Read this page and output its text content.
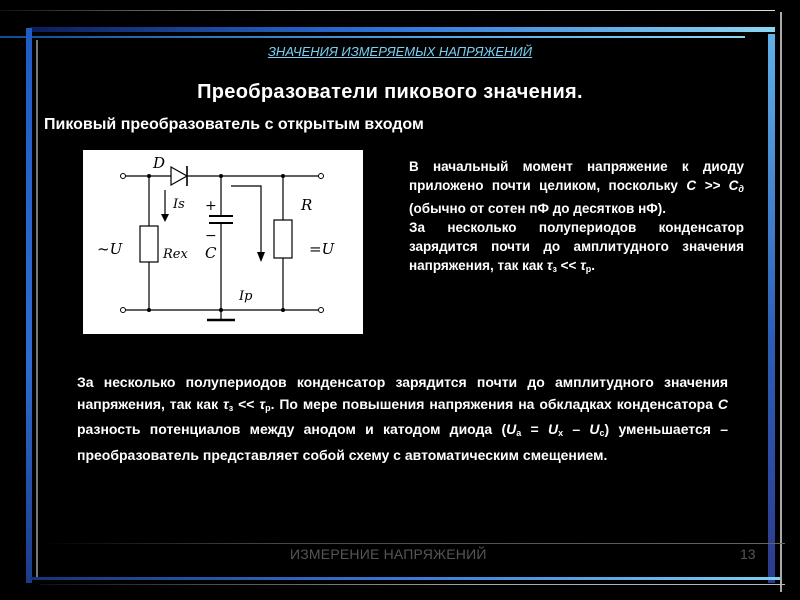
ЗНАЧЕНИЯ ИЗМЕРЯЕМЫХ НАПРЯЖЕНИЙ
Преобразователи пикового значения.
Пиковый преобразователь с открытым входом
D
Is +
−
C
R
Rex
~U	=U
Ip

В начальный момент напряжение к диоду приложено почти целиком, поскольку $C >> C_д$ (обычно от сотен пФ до десятков нФ).

За несколько полупериодов конденсатор зарядится почти до амплитудного значения напряжения, так как $\tau_з << \tau_р$.

За несколько полупериодов конденсатор зарядится почти до амплитудного значения напряжения, так как $\tau_з << \tau_р$. По мере повышения напряжения на обкладках конденсатора C разность потенциалов между анодом и катодом диода $(U_а = U_x - U_c)$ уменьшается – преобразователь представляет собой схему с автоматическим смещением.

ИЗМЕРЕНИЕ НАПРЯЖЕНИЙ	13
